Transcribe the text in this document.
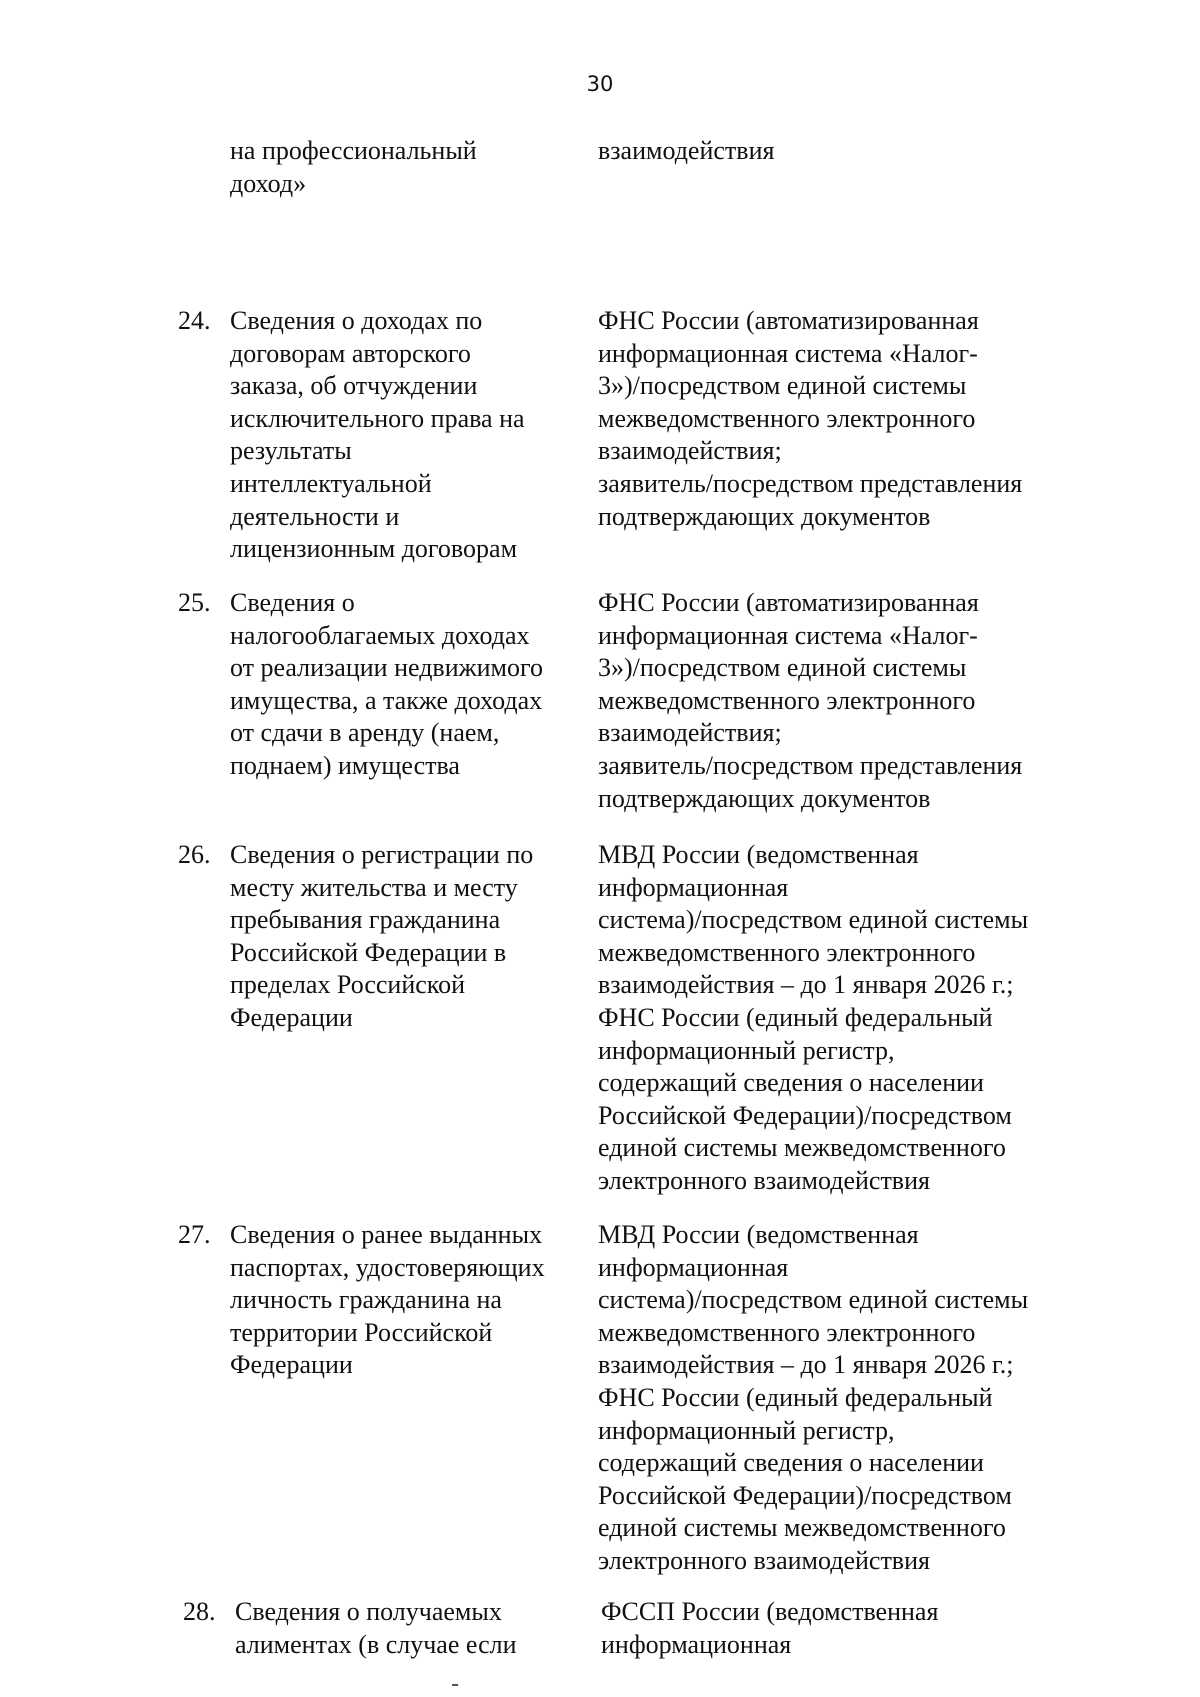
30
на профессиональный
доход»
взаимодействия
24. Сведения о доходах по
договорам авторского
заказа, об отчуждении
исключительного права на
результаты
интеллектуальной
деятельности и
лицензионным договорам
ФНС России (автоматизированная
информационная система «Налог-
3»)/посредством единой системы
межведомственного электронного
взаимодействия;
заявитель/посредством представления
подтверждающих документов
25. Сведения о
налогооблагаемых доходах
от реализации недвижимого
имущества, а также доходах
от сдачи в аренду (наем,
поднаем) имущества
ФНС России (автоматизированная
информационная система «Налог-
3»)/посредством единой системы
межведомственного электронного
взаимодействия;
заявитель/посредством представления
подтверждающих документов
26. Сведения о регистрации по
месту жительства и месту
пребывания гражданина
Российской Федерации в
пределах Российской
Федерации
МВД России (ведомственная
информационная
система)/посредством единой системы
межведомственного электронного
взаимодействия – до 1 января 2026 г.;
ФНС России (единый федеральный
информационный регистр,
содержащий сведения о населении
Российской Федерации)/посредством
единой системы межведомственного
электронного взаимодействия
27. Сведения о ранее выданных
паспортах, удостоверяющих
личность гражданина на
территории Российской
Федерации
МВД России (ведомственная
информационная
система)/посредством единой системы
межведомственного электронного
взаимодействия – до 1 января 2026 г.;
ФНС России (единый федеральный
информационный регистр,
содержащий сведения о населении
Российской Федерации)/посредством
единой системы межведомственного
электронного взаимодействия
28. Сведения о получаемых
алиментах (в случае если
ФССП России (ведомственная
информационная
